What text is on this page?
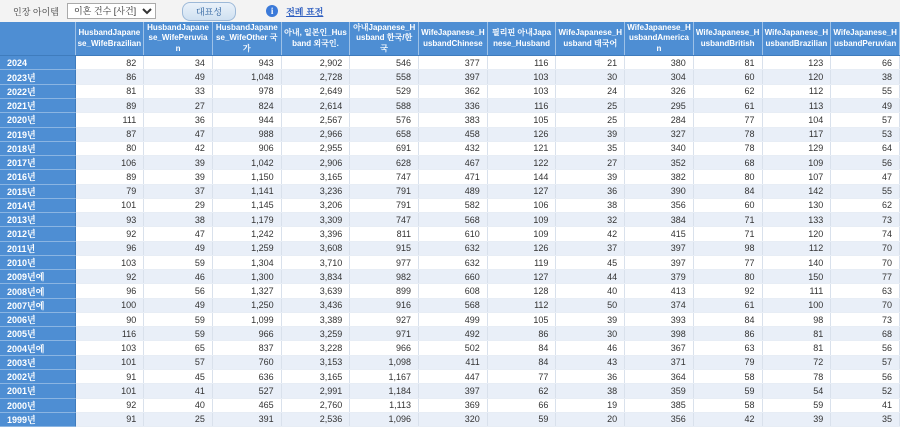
인장 아이템
이혼 건수 [사건]	대표성	i	전례 표전
	HusbandJapanese_WifeBrazilian	HusbandJapanese_WifePeruvian	HusbandJapanese_WifeOther 국가	아내, 일본인_Husband 외국인.	아내Japanese_Husband 한국/한국	WifeJapanese_HusbandChinese	필리핀 아내Japanese_Husband	WifeJapanese_Husband 태국어	WifeJapanese_HusbandAmerican	WifeJapanese_HusbandBritish	WifeJapanese_HusbandBrazilian	WifeJapanese_HusbandPeruvian
2024	82	34	943	2,902	546	377	116	21	380	81	123	66
2023년	86	49	1,048	2,728	558	397	103	30	304	60	120	38
2022년	81	33	978	2,649	529	362	103	24	326	62	112	55
2021년	89	27	824	2,614	588	336	116	25	295	61	113	49
2020년	111	36	944	2,567	576	383	105	25	284	77	104	57
2019년	87	47	988	2,966	658	458	126	39	327	78	117	53
2018년	80	42	906	2,955	691	432	121	35	340	78	129	64
2017년	106	39	1,042	2,906	628	467	122	27	352	68	109	56
2016년	89	39	1,150	3,165	747	471	144	39	382	80	107	47
2015년	79	37	1,141	3,236	791	489	127	36	390	84	142	55
2014년	101	29	1,145	3,206	791	582	106	38	356	60	130	62
2013년	93	38	1,179	3,309	747	568	109	32	384	71	133	73
2012년	92	47	1,242	3,396	811	610	109	42	415	71	120	74
2011년	96	49	1,259	3,608	915	632	126	37	397	98	112	70
2010년	103	59	1,304	3,710	977	632	119	45	397	77	140	70
2009년에	92	46	1,300	3,834	982	660	127	44	379	80	150	77
2008년에	96	56	1,327	3,639	899	608	128	40	413	92	111	63
2007년에	100	49	1,250	3,436	916	568	112	50	374	61	100	70
2006년	90	59	1,099	3,389	927	499	105	39	393	84	98	73
2005년	116	59	966	3,259	971	492	86	30	398	86	81	68
2004년에	103	65	837	3,228	966	502	84	46	367	63	81	56
2003년	101	57	760	3,153	1,098	411	84	43	371	79	72	57
2002년	91	45	636	3,165	1,167	447	77	36	364	58	78	56
2001년	101	41	527	2,991	1,184	397	62	38	359	59	54	52
2000년	92	40	465	2,760	1,113	369	66	19	385	58	59	41
1999년	91	25	391	2,536	1,096	320	59	20	356	42	39	35
